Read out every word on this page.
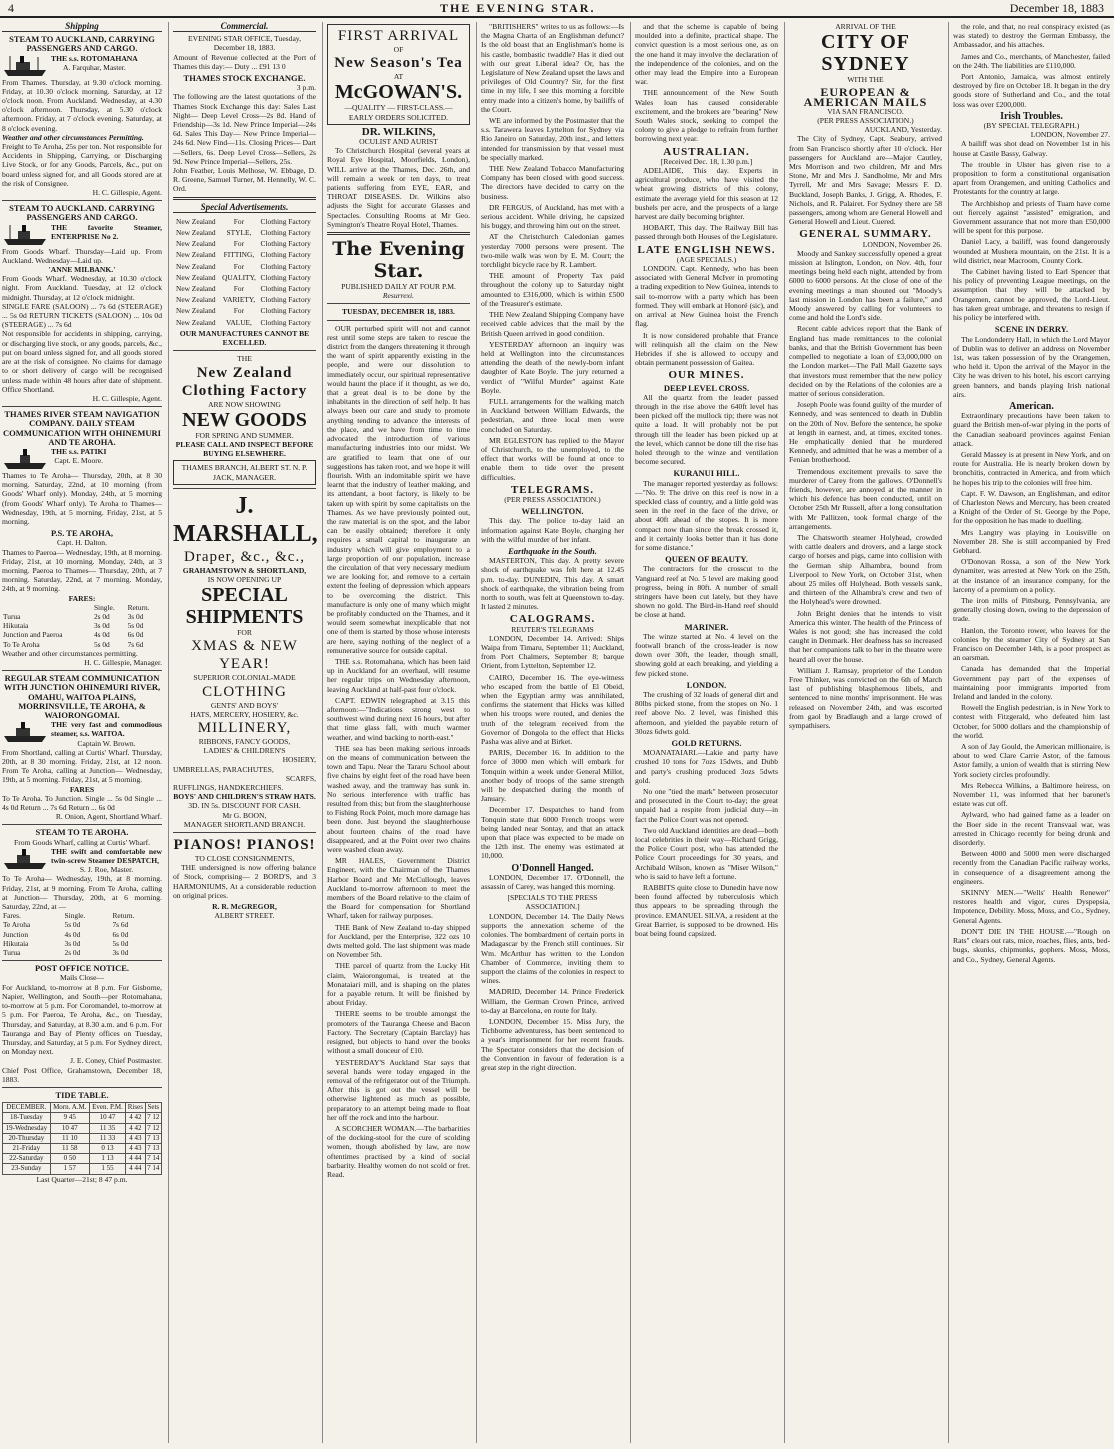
4	THE EVENING STAR.	December 18, 1883
Shipping
STEAM TO AUCKLAND, CARRYING PASSENGERS AND CARGO.
THE s.s. ROTOMAHANA
A. Farquhar, Master.
From Thames. Thursday, at 9.30 o'clock morning. Friday, at 10.30 o'clock morning. Saturday, at 12 o'clock noon. From Auckland. Wednesday, at 4.30 o'clock afternoon. Thursday, at 5.30 o'clock afternoon. Friday, at 7 o'clock evening. Saturday, at 8 o'clock evening.
Weather and other circumstances Permitting.
Freight to Te Aroha, 25s per ton. Not responsible for Accidents in Shipping, Carrying, or Discharging Live Stock, or for any Goods, Parcels, &c., put on board unless signed for, and all Goods stored are at the risk of Consignee.
H. C. Gillespie, Agent.
STEAM TO AUCKLAND. CARRYING PASSENGERS AND CARGO.
THE favorite Steamer, ENTERPRISE No 2.
From Goods Wharf. Thursday—Laid up. From Auckland. Wednesday—Laid up.
'ANNE MILBANK.'
From Goods Wharf. Wednesday, at 10.30 o'clock night. From Auckland. Tuesday, at 12 o'clock midnight. Thursday, at 12 o'clock midnight.
SINGLE FARE (SALOON) ... 7s 6d (STEERAGE) ... 5s 0d RETURN TICKETS (SALOON) ... 10s 0d (STEERAGE) ... 7s 6d
Not responsible for accidents in shipping, carrying, or discharging live stock, or any goods, parcels, &c., put on board unless signed for, and all goods stored are at the risk of consignee. No claims for damage to or short delivery of cargo will be recognised unless made within 48 hours after date of shipment. Office Shortland.
H. C. Gillespie, Agent.
THAMES RIVER STEAM NAVIGATION COMPANY. DAILY STEAM COMMUNICATION WITH OHINEMURI AND TE AROHA.
THE s.s. PATIKI
Capt. E. Moore.
Thames to Te Aroha— Thursday, 20th, at 8 30 morning. Saturday, 22nd, at 10 morning (from Goods' Wharf only). Monday, 24th, at 5 morning (from Goods' Wharf only). Te Aroha to Thames— Wednesday, 19th, at 5 morning. Friday, 21st, at 5 morning.
P.S. TE AROHA,
Capt. H. Dalton.
Thames to Paeroa— Wednesday, 19th, at 8 morning. Friday, 21st, at 10 morning. Monday, 24th, at 3 morning. Paeroa to Thames— Thursday, 20th, at 7 morning. Saturday, 22nd, at 7 morning. Monday, 24th, at 9 morning.
FARES:
	Single.	Return.
Turua	2s 0d	3s 0d
Hikutaia	3s 0d	5s 0d
Junction and Paeroa	4s 0d	6s 0d
To Te Aroha	5s 0d	7s 6d
Weather and other circumstances permitting.
H. C. Gillespie, Manager.
REGULAR STEAM COMMUNICATION WITH JUNCTION OHINEMURI RIVER, OMAHU, WAITOA PLAINS, MORRINSVILLE, TE AROHA, & WAIORONGOMAI.
THE very fast and commodious steamer, s.s. WAITOA.
Captain W. Brown.
From Shortland, calling at Curtis' Wharf. Thursday, 20th, at 8 30 morning. Friday, 21st, at 12 noon. From Te Aroha, calling at Junction— Wednesday, 19th, at 5 morning. Friday, 21st, at 5 morning.
FARES
To Te Aroha. To Junction. Single ... 5s 0d Single ... 4s 0d Return ... 7s 6d Return ... 6s 0d
R. Onion, Agent, Shortland Wharf.
STEAM TO TE AROHA.
From Goods Wharf, calling at Curtis' Wharf.
THE swift and comfortable new twin-screw Steamer DESPATCH,
S. J. Roe, Master.
To Te Aroha— Wednesday, 19th, at 8 morning. Friday, 21st, at 9 morning. From Te Aroha, calling at Junction— Thursday, 20th, at 6 morning. Saturday, 22nd, at —
Fares.	Single.	Return.
Te Aroha	5s 0d	7s 6d
Junction	4s 0d	6s 0d
Hikutaia	3s 0d	5s 0d
Turua	2s 0d	3s 0d
POST OFFICE NOTICE.
Mails Close—
For Auckland, to-morrow at 8 p.m. For Gisborne, Napier, Wellington, and South—per Rotomahana, to-morrow at 5 p.m. For Coromandel, to-morrow at 5 p.m. For Paeroa, Te Aroha, &c., on Tuesday, Thursday, and Saturday, at 8.30 a.m. and 6 p.m. For Tauranga and Bay of Plenty offices on Tuesday, Thursday, and Saturday, at 5 p.m. For Sydney direct, on Monday next.
J. E. Coney, Chief Postmaster.
Chief Post Office, Grahamstown, December 18, 1883.
TIDE TABLE.
DECEMBER.	Morn. A.M.	Even. P.M.	Rises	Sets
18-Tuesday	9 45	10 47	4 42	7 12
19-Wednesday	10 47	11 35	4 42	7 12
20-Thursday	11 10	11 33	4 43	7 13
21-Friday	11 58	0 13	4 43	7 13
22-Saturday	0 50	1 13	4 44	7 14
23-Sunday	1 57	1 55	4 44	7 14
Last Quarter—21st; 8 47 p.m.
Commercial.
EVENING STAR OFFICE, Tuesday, December 18, 1883.
Amount of Revenue collected at the Port of Thames this day:— Duty ... £91 13 0
THAMES STOCK EXCHANGE.
3 p.m.
The following are the latest quotations of the Thames Stock Exchange this day: Sales Last Night— Deep Level Cross—2s 8d. Hand of Friendship—3s 1d. New Prince Imperial—24s 6d. Sales This Day— New Prince Imperial—24s 6d. New Find—11s. Closing Prices— Dart—Sellers, 6s. Deep Level Cross—Sellers, 2s 9d. New Prince Imperial—Sellers, 25s.
John Feather, Louis Melhose, W. Ebbage, D. R. Greene, Samuel Turner, M. Hennelly, W. C. Ord.
Special Advertisements.
New Zealand	For	Clothing Factory
New Zealand	STYLE,	Clothing Factory
New Zealand	For	Clothing Factory
New Zealand	FITTING,	Clothing Factory
New Zealand	For	Clothing Factory
New Zealand	QUALITY,	Clothing Factory
New Zealand	For	Clothing Factory
New Zealand	VARIETY,	Clothing Factory
New Zealand	For	Clothing Factory
New Zealand	VALUE,	Clothing Factory
OUR MANUFACTURES CANNOT BE EXCELLED.
THE
New Zealand Clothing Factory
ARE NOW SHOWING
NEW GOODS
FOR SPRING AND SUMMER.
PLEASE CALL AND INSPECT BEFORE BUYING ELSEWHERE.
THAMES BRANCH, ALBERT ST. N. P. JACK, MANAGER.
J. MARSHALL,
Draper, &c., &c.,
GRAHAMSTOWN & SHORTLAND,
IS NOW OPENING UP
SPECIAL
SHIPMENTS
FOR
XMAS & NEW YEAR!
SUPERIOR COLONIAL-MADE
CLOTHING
GENTS' AND BOYS'
HATS, MERCERY, HOSIERY, &c.
MILLINERY,
RIBBONS, FANCY GOODS,
LADIES' & CHILDREN'S
HOSIERY,
UMBRELLAS, PARACHUTES,
SCARFS,
RUFFLINGS, HANDKERCHIEFS.
BOYS' AND CHILDREN'S STRAW HATS.
3D. IN 5s. DISCOUNT FOR CASH.
Mr G. BOON,
MANAGER SHORTLAND BRANCH.
PIANOS! PIANOS!
TO CLOSE CONSIGNMENTS,
THE undersigned is now offering balance of Stock, comprising— 2 BORD'S, and 3 HARMONIUMS, At a considerable reduction on original prices.
R. R. McGREGOR,
ALBERT STREET.
FIRST ARRIVAL
OF
New Season's Tea
AT
McGOWAN'S.
—QUALITY — FIRST-CLASS.—
EARLY ORDERS SOLICITED.
DR. WILKINS,
OCULIST AND AURIST
To Christchurch Hospital (several years at Royal Eye Hospital, Moorfields, London), WILL arrive at the Thames, Dec. 26th, and will remain a week or ten days, to treat patients suffering from EYE, EAR, and THROAT DISEASES. Dr. Wilkins also adjusts the Sight for accurate Glasses and Spectacles. Consulting Rooms at Mr Geo. Symington's Theatre Royal Hotel, Thames.
The Evening Star.
PUBLISHED DAILY AT FOUR P.M.
Resurrexi.
TUESDAY, DECEMBER 18, 1883.
OUR perturbed spirit will not and cannot rest until some steps are taken to rescue the district from the dangers threatening it through the want of spirit apparently existing in the people, and were our dissolution to immediately occur, our spiritual representative would haunt the place if it thought, as we do, that a great deal is to be done by the inhabitants in the direction of self help. It has always been our care and study to promote anything tending to advance the interests of the place, and we have from time to time advocated the introduction of various manufacturing industries into our midst. We are gratified to learn that one of our suggestions has taken root, and we hope it will flourish. With an indomitable spirit we have learnt that the industry of leather making, and its attendant, a boot factory, is likely to be taken up with spirit by some capitalists on the Thames. As we have previously pointed out, the raw material is on the spot, and the labor can be easily obtained; therefore it only requires a small capital to inaugurate an industry which will give employment to a large proportion of our population, increase the circulation of that very necessary medium we are looking for, and remove to a certain extent the feeling of depression which appears to be overcoming the district. This manufacture is only one of many which might be profitably conducted on the Thames, and it would seem somewhat inexplicable that not one of them is started by those whose interests are here, saying nothing of the neglect of a remunerative source for outside capital.
THE s.s. Rotomahana, which has been laid up in Auckland for an overhaul, will resume her regular trips on Wednesday afternoon, leaving Auckland at half-past four o'clock.
CAPT. EDWIN telegraphed at 3.15 this afternoon:—"Indications strong west to southwest wind during next 16 hours, but after that time glass fall, with much warmer weather, and wind backing to north-east."
THE sea has been making serious inroads on the means of communication between the town and Tapu. Near the Tararu School about five chains by eight feet of the road have been washed away, and the tramway has sunk in. No serious interference with traffic has resulted from this; but from the slaughterhouse to Fishing Rock Point, much more damage has been done. Just beyond the slaughterhouse about fourteen chains of the road have disappeared, and at the Point over two chains were washed clean away.
MR HALES, Government District Engineer, with the Chairman of the Thames Harbor Board and Mr McCullough, leaves Auckland to-morrow afternoon to meet the members of the Board relative to the claim of the Board for compensation for Shortland Wharf, taken for railway purposes.
THE Bank of New Zealand to-day shipped for Auckland, per the Enterprise, 322 ozs 10 dwts melted gold. The last shipment was made on November 5th.
THE parcel of quartz from the Lucky Hit claim, Waiorongomai, is treated at the Monataiari mill, and is shaping on the plates for a payable return. It will be finished by about Friday.
THERE seems to be trouble amongst the promoters of the Tauranga Cheese and Bacon Factory. The Secretary (Captain Barclay) has resigned, but objects to hand over the books without a small douceur of £10.
YESTERDAY'S Auckland Star says that several hands were today engaged in the removal of the refrigerator out of the Triumph. After this is got out the vessel will be otherwise lightened as much as possible, preparatory to an attempt being made to float her off the rock and into the harbour.
A SCORCHER WOMAN.—The barbarities of the docking-stool for the cure of scolding women, though abolished by law, are now oftentimes practised by a kind of social barbarity. Healthy women do not scold or fret. Read.
"BRITISHERS" writes to us as follows:—Is the Magna Charta of an Englishman defunct? Is the old boast that an Englishman's home is his castle, bombastic twaddle? Has it died out with our great Liberal idea? Or, has the Legislature of New Zealand upset the laws and privileges of Old Country? Sir, for the first time in my life, I see this morning a forcible entry made into a citizen's home, by bailiffs of the Court.
WE are informed by the Postmaster that the s.s. Tarawera leaves Lyttelton for Sydney via Rio Janeiro on Saturday, 20th inst., and letters intended for transmission by that vessel must be specially marked.
THE New Zealand Tobacco Manufacturing Company has been closed with good success. The directors have decided to carry on the business.
DR FERGUS, of Auckland, has met with a serious accident. While driving, he capsized his buggy, and throwing him out on the street.
AT the Christchurch Caledonian games yesterday 7000 persons were present. The two-mile walk was won by E. M. Court; the torchlight bicycle race by R. Lambert.
THE amount of Property Tax paid throughout the colony up to Saturday night amounted to £316,000, which is within £500 of the Treasurer's estimate.
THE New Zealand Shipping Company have received cable advices that the mail by the British Queen arrived in good condition.
YESTERDAY afternoon an inquiry was held at Wellington into the circumstances attending the death of the newly-born infant daughter of Kate Boyle. The jury returned a verdict of "Wilful Murder" against Kate Boyle.
FULL arrangements for the walking match in Auckland between William Edwards, the pedestrian, and three local men were concluded on Saturday.
MR EGLESTON has replied to the Mayor of Christchurch, to the unemployed, to the effect that works will be found at once to enable them to tide over the present difficulties.
TELEGRAMS.
(PER PRESS ASSOCIATION.)
WELLINGTON.
This day. The police to-day laid an information against Kate Boyle, charging her with the wilful murder of her infant.
Earthquake in the South.
MASTERTON, This day. A pretty severe shock of earthquake was felt here at 12.45 p.m. to-day. DUNEDIN, This day. A smart shock of earthquake, the vibration being from north to south, was felt at Queenstown to-day. It lasted 2 minutes.
CALOGRAMS.
REUTER'S TELEGRAMS
LONDON, December 14. Arrived: Ships Waipa from Timaru, September 11; Auckland, from Port Chalmers, September 8; barque Orient, from Lyttelton, September 12.
CAIRO, December 16. The eye-witness who escaped from the battle of El Obeid, when the Egyptian army was annihilated, confirms the statement that Hicks was killed when his troops were routed, and denies the truth of the telegram received from the Governor of Dongola to the effect that Hicks Pasha was alive and at Birket.
PARIS, December 16. In addition to the force of 3000 men which will embark for Tonquin within a week under General Millot, another body of troops of the same strength will be despatched during the month of January.
December 17. Despatches to hand from Tonquin state that 6000 French troops were being landed near Sontay, and that an attack upon that place was expected to be made on the 12th inst. The enemy was estimated at 10,000.
O'Donnell Hanged.
LONDON, December 17. O'Donnell, the assassin of Carey, was hanged this morning.
[SPECIALS TO THE PRESS ASSOCIATION.]
LONDON, December 14. The Daily News supports the annexation scheme of the colonies. The bombardment of certain ports in Madagascar by the French still continues. Sir Wm. McArthur has written to the London Chamber of Commerce, inviting them to support the claims of the colonies in respect to wines.
MADRID, December 14. Prince Frederick William, the German Crown Prince, arrived to-day at Barcelona, en route for Italy.
LONDON, December 15. Miss Jury, the Tichborne adventuress, has been sentenced to a year's imprisonment for her recent frauds. The Spectator considers that the decision of the Convention in favour of federation is a great step in the right direction.
and that the scheme is capable of being moulded into a definite, practical shape. The convict question is a most serious one, as on the one hand it may involve the declaration of the independence of the colonies, and on the other may lead the Empire into a European war.
THE announcement of the New South Wales loan has caused considerable excitement, and the brokers are "bearing" New South Wales stock, seeking to compel the colony to give a pledge to refrain from further borrowing next year.
AUSTRALIAN.
[Received Dec. 18, 1.30 p.m.]
ADELAIDE, This day. Experts in agricultural produce, who have visited the wheat growing districts of this colony, estimate the average yield for this season at 12 bushels per acre, and the prospects of a large harvest are daily becoming brighter.
HOBART, This day. The Railway Bill has passed through both Houses of the Legislature.
LATE ENGLISH NEWS.
(AGE SPECIALS.)
LONDON. Capt. Kennedy, who has been associated with General McIver in promoting a trading expedition to New Guinea, intends to sail to-morrow with a party which has been formed. They will embark at Honoré (sic), and on arrival at New Guinea hoist the French flag.
It is now considered probable that France will relinquish all the claim on the New Hebrides if she is allowed to occupy and obtain permanent possession of Gaitea.
OUR MINES.
DEEP LEVEL CROSS.
All the quartz from the leader passed through in the rise above the 640ft level has been picked off the mullock tip; there was not quite a load. It will probably not be put through till the leader has been picked up at the level, which cannot be done till the rise has holed through to the winze and ventilation become secured.
KURANUI HILL.
The manager reported yesterday as follows:—"No. 9: The drive on this reef is now in a speckled class of country, and a little gold was seen in the reef in the face of the drive, or about 40ft ahead of the stopes. It is more compact now than since the break crossed it, and it certainly looks better than it has done for some distance."
QUEEN OF BEAUTY.
The contractors for the crosscut to the Vanguard reef at No. 5 level are making good progress, being in 80ft. A number of small stringers have been cut lately, but they have shown no gold. The Bird-in-Hand reef should be close at hand.
MARINER.
The winze started at No. 4 level on the footwall branch of the cross-leader is now down over 30ft, the leader, though small, showing gold at each breaking, and yielding a few picked stone.
LONDON.
The crushing of 32 loads of general dirt and 80lbs picked stone, from the stopes on No. 1 reef above No. 2 level, was finished this afternoon, and yielded the payable return of 30ozs 6dwts gold.
GOLD RETURNS.
MOANATAIARI.—Lakie and party have crushed 10 tons for 7ozs 15dwts, and Dubb and party's crushing produced 3ozs 5dwts gold.
No one "tied the mark" between prosecutor and prosecuted in the Court to-day; the great unpaid had a respite from judicial duty—in fact the Police Court was not opened.
Two old Auckland identities are dead—both local celebrities in their way—Richard Grigg, the Police Court post, who has attended the Police Court proceedings for 30 years, and Archibald Wilson, known as "Miser Wilson," who is said to have left a fortune.
RABBITS quite close to Dunedin have now been found affected by tuberculosis which thus appears to be spreading through the province. EMANUEL SILVA, a resident at the Great Barrier, is supposed to be drowned. His boat being found capsized.
ARRIVAL OF THE
CITY OF SYDNEY
WITH THE
EUROPEAN & AMERICAN MAILS
VIA SAN FRANCISCO.
(PER PRESS ASSOCIATION.)
AUCKLAND, Yesterday.
The City of Sydney, Capt. Seabury, arrived from San Francisco shortly after 10 o'clock. Her passengers for Auckland are—Major Cautley, Mrs Morrison and two children, Mr and Mrs Stone, Mr and Mrs J. Sandholme, Mr and Mrs Tyrrell, Mr and Mrs Savage; Messrs F. D. Buckland, Joseph Banks, J. Grigg, A. Rhodes, F. Nichols, and R. Palairet. For Sydney there are 58 passengers, among whom are General Howell and General Howell and Lieut. Cuered.
GENERAL SUMMARY.
LONDON, November 26.
Moody and Sankey successfully opened a great mission at Islington, London, on Nov. 4th, four meetings being held each night, attended by from 6000 to 6000 persons. At the close of one of the evening meetings a man shouted out "Moody's last mission in London has been a failure," and Moody answered by calling for volunteers to come and hold the Lord's side.
Recent cable advices report that the Bank of England has made remittances to the colonial banks, and that the British Government has been compelled to negotiate a loan of £3,000,000 on the London market—The Pall Mall Gazette says that investors must remember that the new policy decided on by the Relations of the colonies are a matter of serious consideration.
Joseph Poole was found guilty of the murder of Kennedy, and was sentenced to death in Dublin on the 20th of Nov. Before the sentence, he spoke at length in earnest, and, at times, excited tones. He emphatically denied that he murdered Kennedy, and admitted that he was a member of a Fenian brotherhood.
Tremendous excitement prevails to save the murderer of Carey from the gallows. O'Donnell's friends, however, are annoyed at the manner in which his defence has been conducted, until on October 25th Mr Russell, after a long consultation with Mr Pallitzen, took formal charge of the arrangements.
The Chatsworth steamer Holyhead, crowded with cattle dealers and drovers, and a large stock cargo of horses and pigs, came into collision with the German ship Alhambra, bound from Liverpool to New York, on October 31st, when about 25 miles off Holyhead. Both vessels sank, and thirteen of the Alhambra's crew and two of the Holyhead's were drowned.
John Bright denies that he intends to visit America this winter. The health of the Princess of Wales is not good; she has increased the cold caught in Denmark. Her deafness has so increased that her companions talk to her in the theatre were heard all over the house.
William J. Ramsay, proprietor of the London Free Thinker, was convicted on the 6th of March last of publishing blasphemous libels, and sentenced to nine months' imprisonment. He was released on November 24th, and was escorted from gaol by Bradlaugh and a large crowd of sympathisers.
the role, and that, no real conspiracy existed (as was stated) to destroy the German Embassy, the Ambassador, and his attaches.
James and Co., merchants, of Manchester, failed on the 24th. The liabilities are £110,000.
Port Antonio, Jamaica, was almost entirely destroyed by fire on October 18. It began in the dry goods store of Sutherland and Co., and the total loss was over £200,000.
Irish Troubles.
(BY SPECIAL TELEGRAPH.)
LONDON, November 27.
A bailiff was shot dead on November 1st in his house at Castle Bassy, Galway.
The trouble in Ulster has given rise to a proposition to form a constitutional organisation apart from Orangemen, and uniting Catholics and Protestants for the country at large.
The Archbishop and priests of Tuam have come out fiercely against "assisted" emigration, and Government assurance that not more than £50,000 will be spent for this purpose.
Daniel Lacy, a bailiff, was found dangerously wounded at Mushera mountain, on the 21st. It is a wild district, near Macroom, County Cork.
The Cabinet having listed to Earl Spencer that his policy of preventing League meetings, on the assumption that they will be attacked by Orangemen, cannot be approved, the Lord-Lieut. has taken great umbrage, and threatens to resign if his policy be interfered with.
SCENE IN DERRY.
The Londonderry Hall, in which the Lord Mayor of Dublin was to deliver an address on November 1st, was taken possession of by the Orangemen, who held it. Upon the arrival of the Mayor in the City he was driven to his hotel, his escort carrying green banners, and bands playing Irish national airs.
American.
Extraordinary precautions have been taken to guard the British men-of-war plying in the ports of the Canadian seaboard provinces against Fenian attack.
Gerald Massey is at present in New York, and on route for Australia. He is nearly broken down by bronchitis, contracted in America, and from which he hopes his trip to the colonies will free him.
Capt. F. W. Dawson, an Englishman, and editor of Charleston News and Mercury, has been created a Knight of the Order of St. George by the Pope, for the opposition he has made to duelling.
Mrs Langtry was playing in Louisville on November 28. She is still accompanied by Fred Gebhard.
O'Donovan Rossa, a son of the New York dynamiter, was arrested at New York on the 25th, at the instance of an insurance company, for the larceny of a premium on a policy.
The iron mills of Pittsburg, Pennsylvania, are generally closing down, owing to the depression of trade.
Hanlon, the Toronto rower, who leaves for the colonies by the steamer City of Sydney at San Francisco on December 14th, is a poor prospect as an oarsman.
Canada has demanded that the Imperial Government pay part of the expenses of maintaining poor immigrants imported from Ireland and landed in the colony.
Rowell the English pedestrian, is in New York to contest with Fitzgerald, who defeated him last October, for 5000 dollars and the championship of the world.
A son of Jay Gould, the American millionaire, is about to wed Clare Carrie Astor, of the famous Astor family, a union of wealth that is stirring New York society circles profoundly.
Mrs Rebecca Wilkins, a Baltimore heiress, on November 11, was informed that her baronet's estate was cut off.
Aylward, who had gained fame as a leader on the Boer side in the recent Transvaal war, was arrested in Chicago recently for being drunk and disorderly.
Between 4000 and 5000 men were discharged recently from the Canadian Pacific railway works, in consequence of a disagreement among the engineers.
SKINNY MEN.—"Wells' Health Renewer" restores health and vigor, cures Dyspepsia, Impotence, Debility. Moss, Moss, and Co., Sydney, General Agents.
DON'T DIE IN THE HOUSE.—"Rough on Rats" clears out rats, mice, roaches, flies, ants, bed-bugs, skunks, chipmunks, gophers. Moss, Moss, and Co., Sydney, General Agents.
